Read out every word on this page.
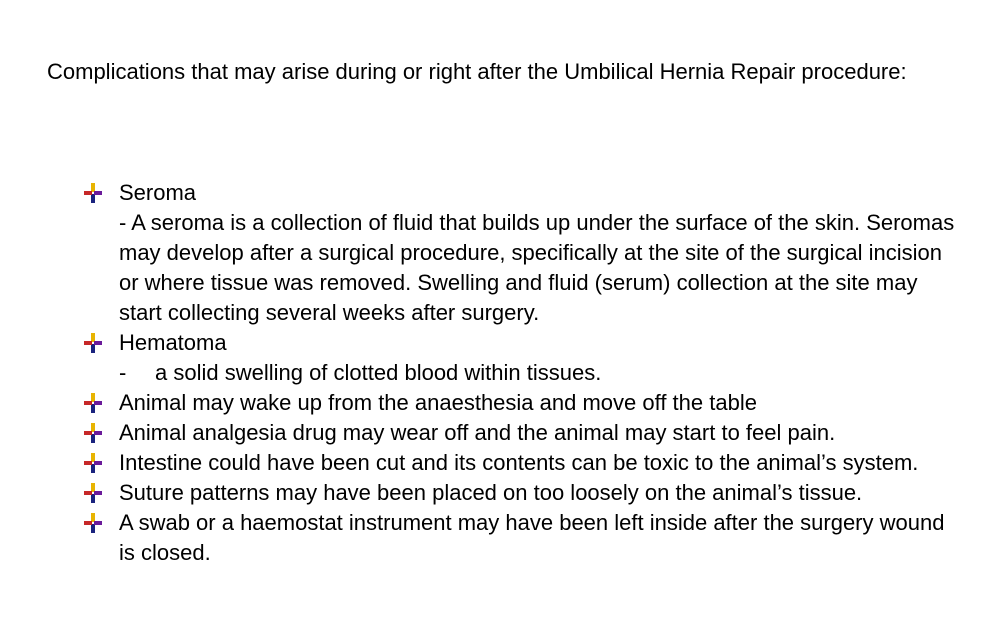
Complications that may arise during or right after the Umbilical Hernia Repair procedure:

Seroma
- A seroma is a collection of fluid that builds up under the surface of the skin. Seromas may develop after a surgical procedure, specifically at the site of the surgical incision or where tissue was removed. Swelling and fluid (serum) collection at the site may start collecting several weeks after surgery.
Hematoma
- a solid swelling of clotted blood within tissues.
Animal may wake up from the anaesthesia and move off the table
Animal analgesia drug may wear off and the animal may start to feel pain.
Intestine could have been cut and its contents can be toxic to the animal’s system.
Suture patterns may have been placed on too loosely on the animal’s tissue.
A swab or a haemostat instrument may have been left inside after the surgery wound is closed.
